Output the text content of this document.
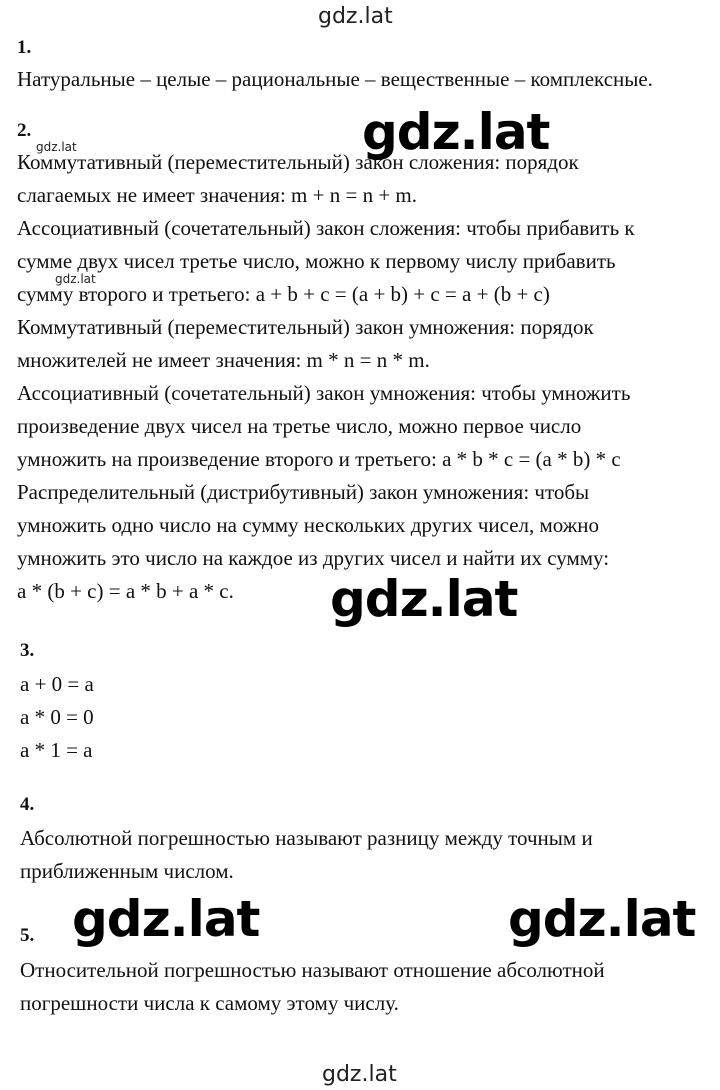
gdz.lat
gdz.lat
1.
Натуральные – целые – рациональные – вещественные – комплексные.
2.
Коммутативный (переместительный) закон сложения: порядок
слагаемых не имеет значения: m + n = n + m.
Ассоциативный (сочетательный) закон сложения: чтобы прибавить к
сумме двух чисел третье число, можно к первому числу прибавить
сумму второго и третьего: a + b + c = (a + b) + c = a + (b + c)
Коммутативный (переместительный) закон умножения: порядок
множителей не имеет значения: m * n = n * m.
Ассоциативный (сочетательный) закон умножения: чтобы умножить
произведение двух чисел на третье число, можно первое число
умножить на произведение второго и третьего: a * b * c = (a * b) * c
Распределительный (дистрибутивный) закон умножения: чтобы
умножить одно число на сумму нескольких других чисел, можно
умножить это число на каждое из других чисел и найти их сумму:
a * (b + c) = a * b + a * c.
3.
a + 0 = a
a * 0 = 0
a * 1 = a
4.
Абсолютной погрешностью называют разницу между точным и
приближенным числом.
5.
Относительной погрешностью называют отношение абсолютной
погрешности числа к самому этому числу.
gdz.lat
gdz.lat
gdz.lat
gdz.lat
gdz.lat	gdz.lat
